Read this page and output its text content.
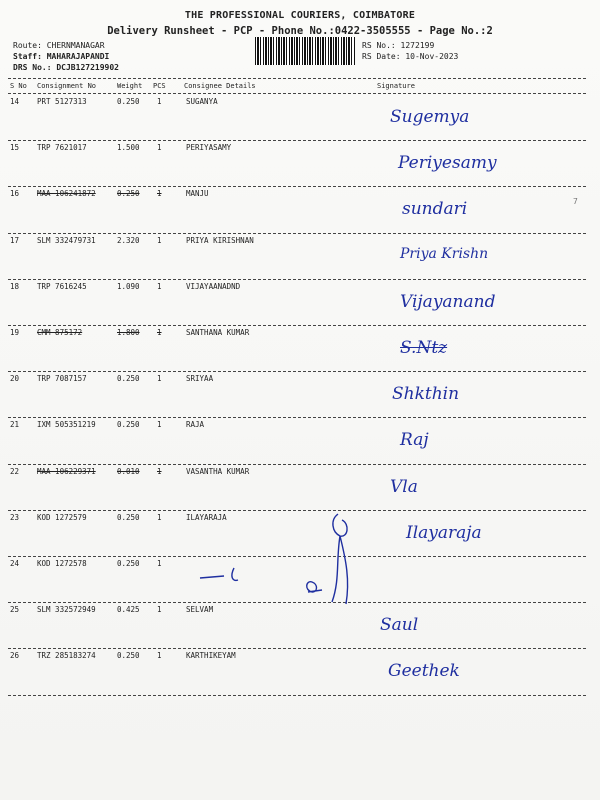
THE PROFESSIONAL COURIERS, COIMBATORE
Delivery Runsheet - PCP - Phone No.:0422-3505555 - Page No.:2
Route: CHERNMANAGAR
Staff: MAHARAJAPANDI
DRS No.: DCJB127219902
RS No.: 1272199
RS Date: 10-Nov-2023
S No Consignment No	Weight PCS	Consignee Details	Signature
14 PRT 5127313	0.250 1	SUGANYA
Sugemya
15 TRP 7621017	1.500 1	PERIYASAMY
Periyesamy
16 MAA 106241872	0.250 1	MANJU
sundari
17 SLM 332479731	2.320 1	PRIYA KIRISHNAN
Priya Krishn
18 TRP 7616245	1.090 1	VIJAYAANADND
Vijayanand
19 CMM 875172	1.800 1	SANTHANA KUMAR
S.Ntz
20 TRP 7087157	0.250 1	SRIYAA
Shkthin
21 IXM 505351219	0.250 1	RAJA
Raj
22 MAA 106229371	0.010 1	VASANTHA KUMAR
Vla
23 KOD 1272579	0.250 1	ILAYARAJA
Ilayaraja
24 KOD 1272578	0.250 1
25 SLM 332572949	0.425 1	SELVAM
Saul
26 TRZ 285183274	0.250 1	KARTHIKEYAM
Geethek
7
